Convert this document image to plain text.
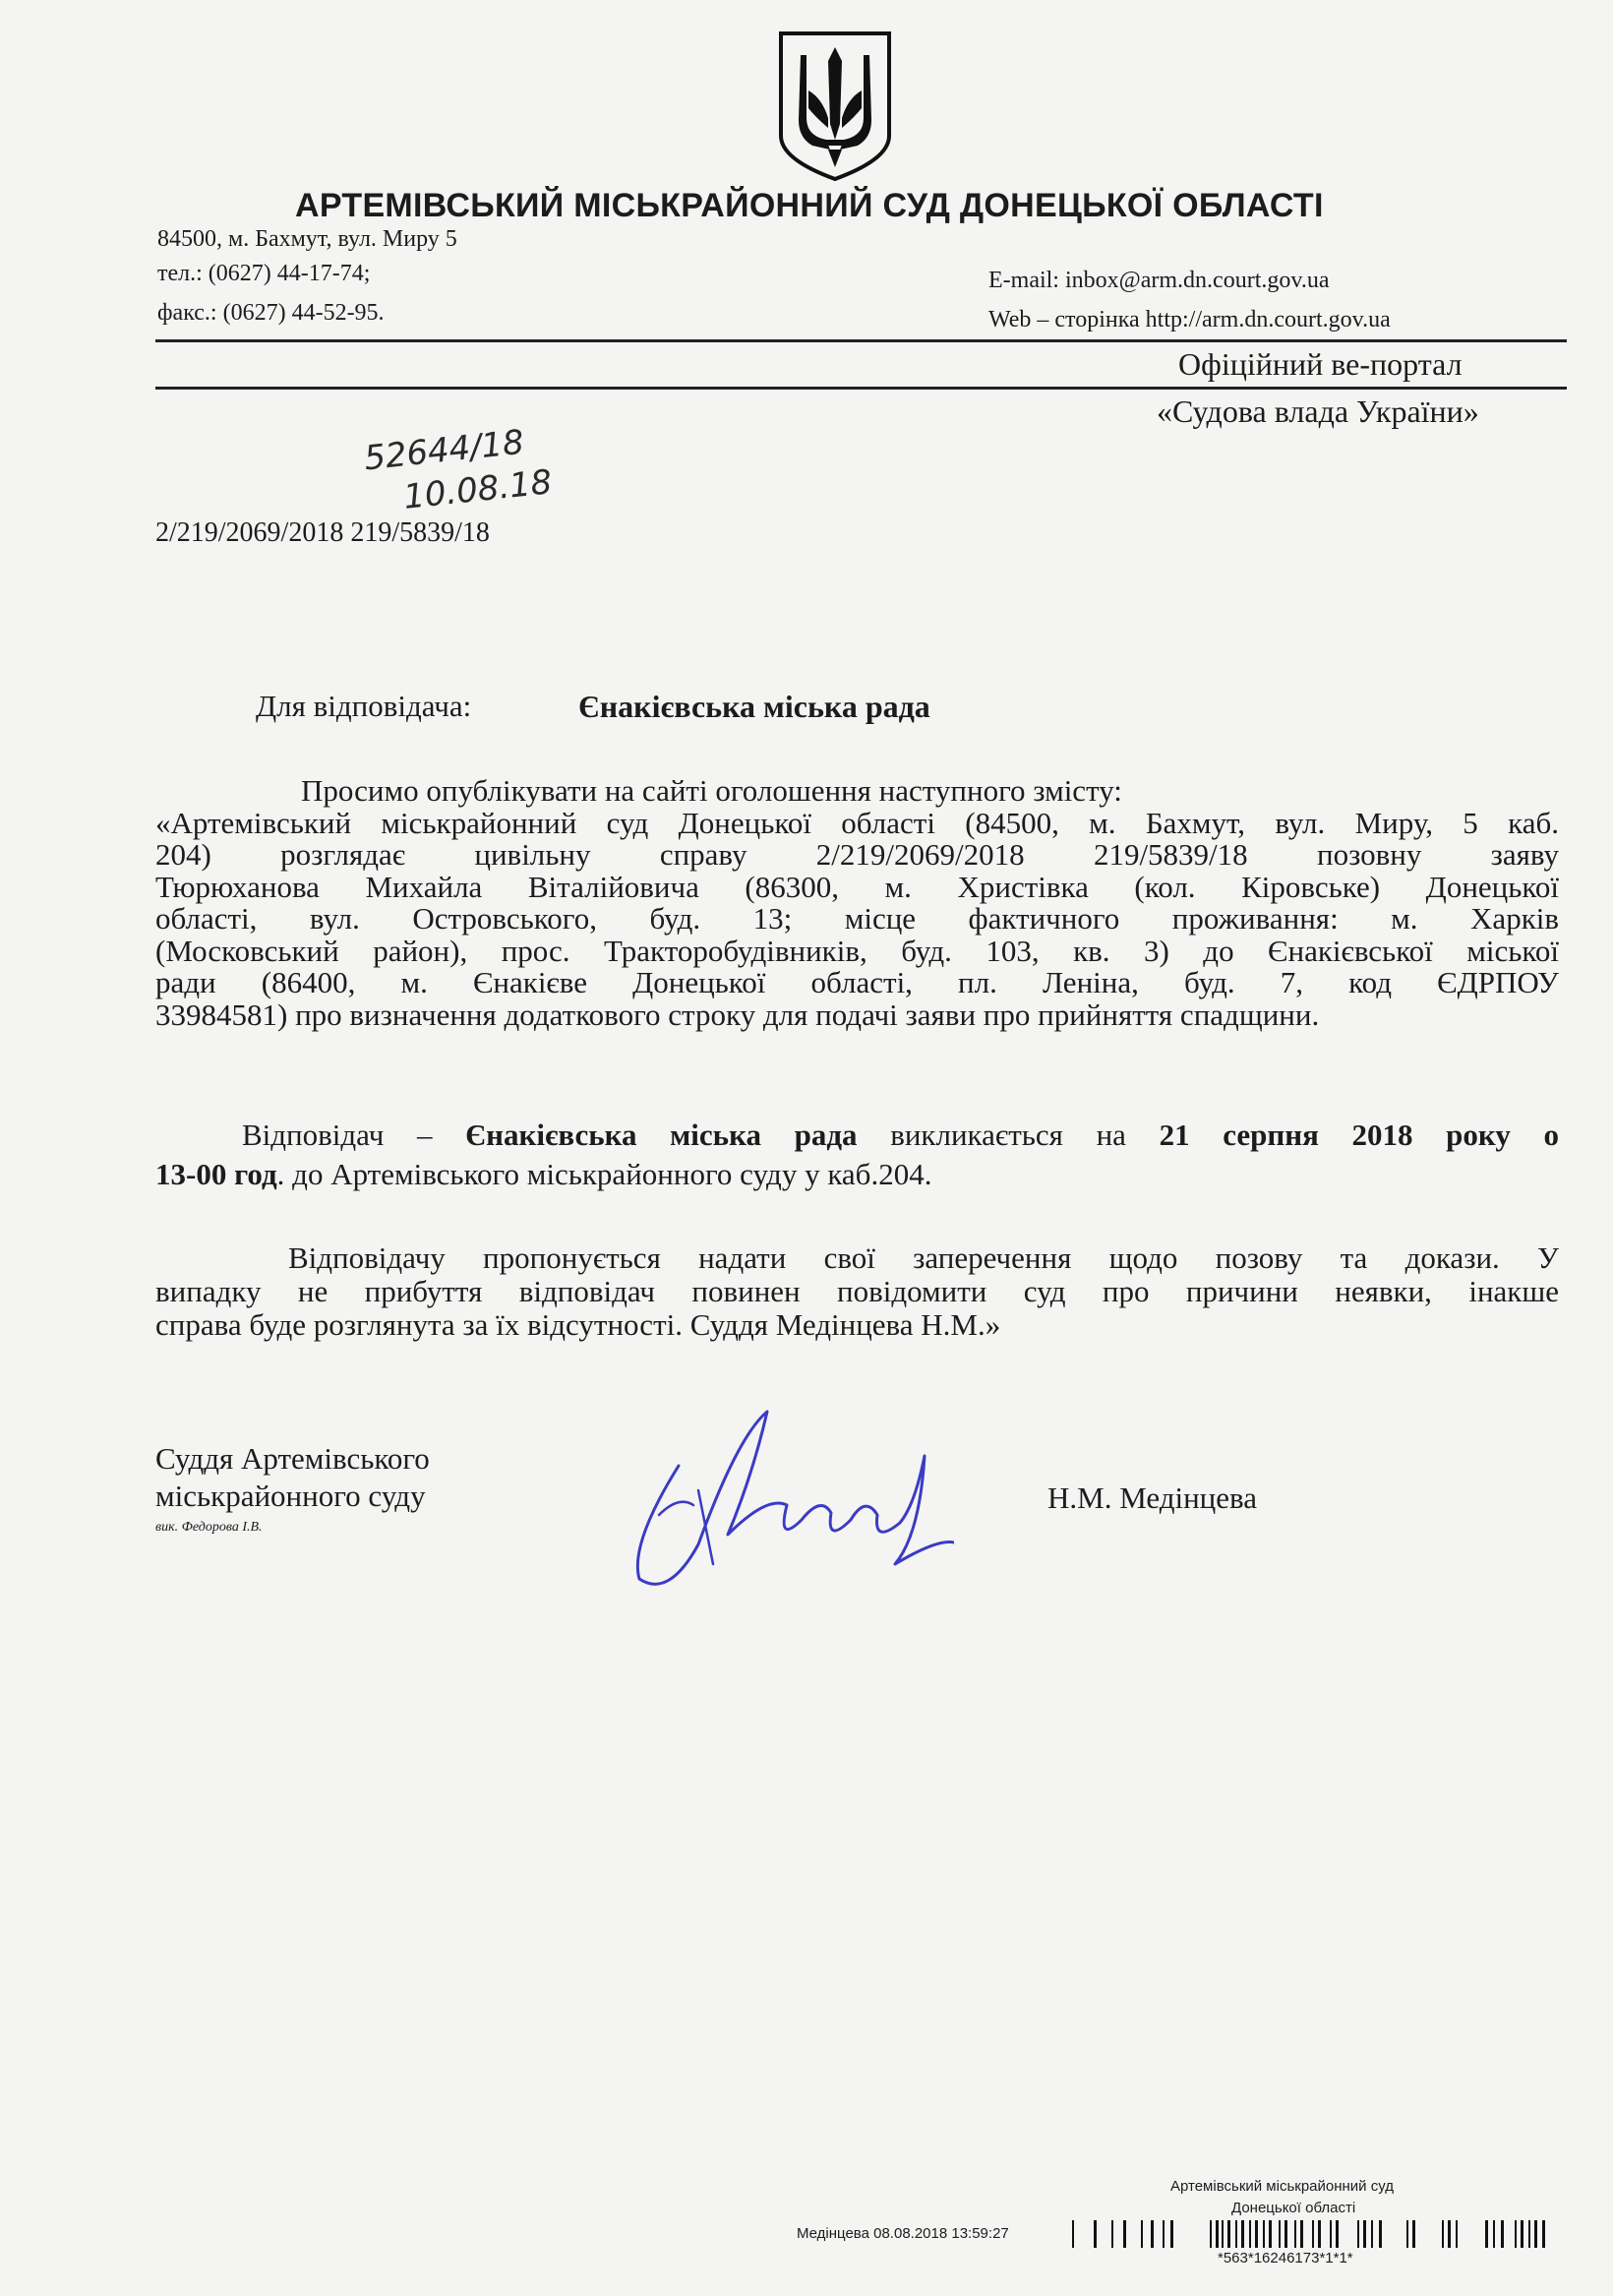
АРТЕМІВСЬКИЙ МІСЬКРАЙОННИЙ СУД ДОНЕЦЬКОЇ ОБЛАСТІ
84500, м. Бахмут, вул. Миру 5
тел.: (0627) 44-17-74;
факс.: (0627) 44-52-95.
E-mail: inbox@arm.dn.court.gov.ua
Web – сторінка http://arm.dn.court.gov.ua
Офіційний ве-портал
«Судова влада України»
52644/18
10.08.18
2/219/2069/2018 219/5839/18
Для відповідача:	Єнакієвська міська рада
Просимо опублікувати на сайті оголошення наступного змісту:
«Артемівський міськрайонний суд Донецької області (84500, м. Бахмут, вул. Миру, 5 каб.
204) розглядає цивільну справу 2/219/2069/2018 219/5839/18 позовну заяву
Тюрюханова Михайла Віталійовича (86300, м. Христівка (кол. Кіровське) Донецької
області, вул. Островського, буд. 13; місце фактичного проживання: м. Харків
(Московський район), прос. Тракторобудівників, буд. 103, кв. 3) до Єнакієвської міської
ради (86400, м. Єнакієве Донецької області, пл. Леніна, буд. 7, код ЄДРПОУ
33984581) про визначення додаткового строку для подачі заяви про прийняття спадщини.
Відповідач – Єнакієвська міська рада викликається на 21 серпня 2018 року о
13-00 год. до Артемівського міськрайонного суду у каб.204.
Відповідачу пропонується надати свої заперечення щодо позову та докази. У
випадку не прибуття відповідач повинен повідомити суд про причини неявки, інакше
справа буде розглянута за їх відсутності. Суддя Медінцева Н.М.»
Суддя Артемівського
міськрайонного суду
вик. Федорова І.В.
Н.М. Медінцева
Артемівський міськрайонний суд
Донецької області
Медінцева 08.08.2018 13:59:27
*563*16246173*1*1*
